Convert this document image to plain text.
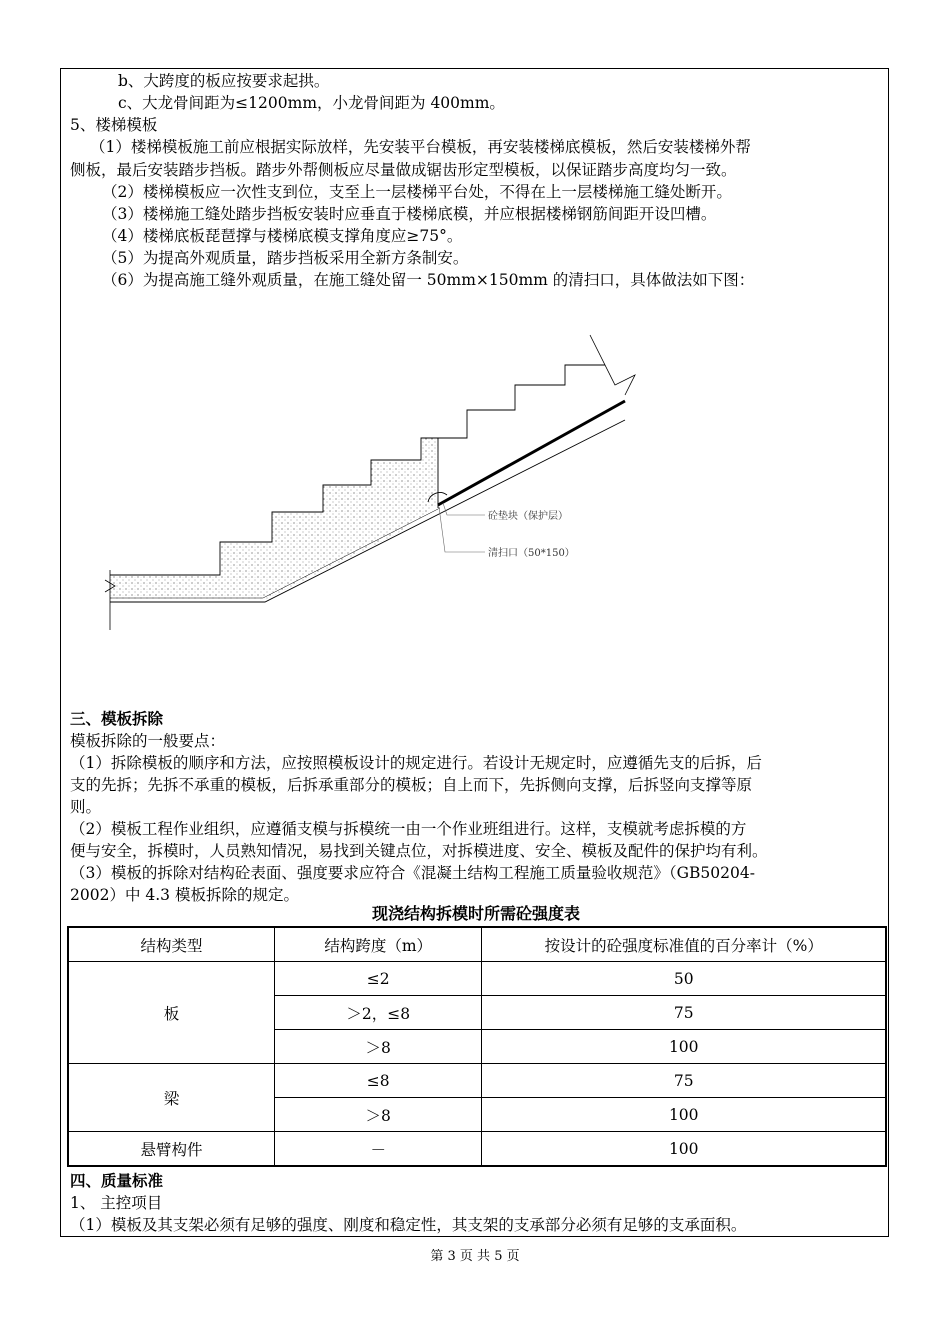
b、大跨度的板应按要求起拱。
c、大龙骨间距为≤1200mm，小龙骨间距为 400mm。
5、楼梯模板
（1）楼梯模板施工前应根据实际放样，先安装平台模板，再安装楼梯底模板，然后安装楼梯外帮
侧板，最后安装踏步挡板。踏步外帮侧板应尽量做成锯齿形定型模板，以保证踏步高度均匀一致。
（2）楼梯模板应一次性支到位，支至上一层楼梯平台处，不得在上一层楼梯施工缝处断开。
（3）楼梯施工缝处踏步挡板安装时应垂直于楼梯底模，并应根据楼梯钢筋间距开设凹槽。
（4）楼梯底板琵琶撑与楼梯底模支撑角度应≥75°。
（5）为提高外观质量，踏步挡板采用全新方条制安。
（6）为提高施工缝外观质量，在施工缝处留一 50mm×150mm 的清扫口，具体做法如下图：
砼垫块（保护层）
清扫口（50*150）
三、模板拆除
模板拆除的一般要点：
（1）拆除模板的顺序和方法，应按照模板设计的规定进行。若设计无规定时，应遵循先支的后拆，后
支的先拆；先拆不承重的模板，后拆承重部分的模板；自上而下，先拆侧向支撑，后拆竖向支撑等原
则。
（2）模板工程作业组织，应遵循支模与拆模统一由一个作业班组进行。这样，支模就考虑拆模的方
便与安全，拆模时，人员熟知情况，易找到关键点位，对拆模进度、安全、模板及配件的保护均有利。
（3）模板的拆除对结构砼表面、强度要求应符合《混凝土结构工程施工质量验收规范》（GB50204-
2002）中 4.3 模板拆除的规定。
现浇结构拆模时所需砼强度表
结构类型	结构跨度（m）	按设计的砼强度标准值的百分率计（%）
板	≤2	50
	＞2，≤8	75
	＞8	100
梁	≤8	75
	＞8	100
悬臂构件	－	100
四、质量标准
1、 主控项目
（1）模板及其支架必须有足够的强度、刚度和稳定性，其支架的支承部分必须有足够的支承面积。
第 3 页 共 5 页
